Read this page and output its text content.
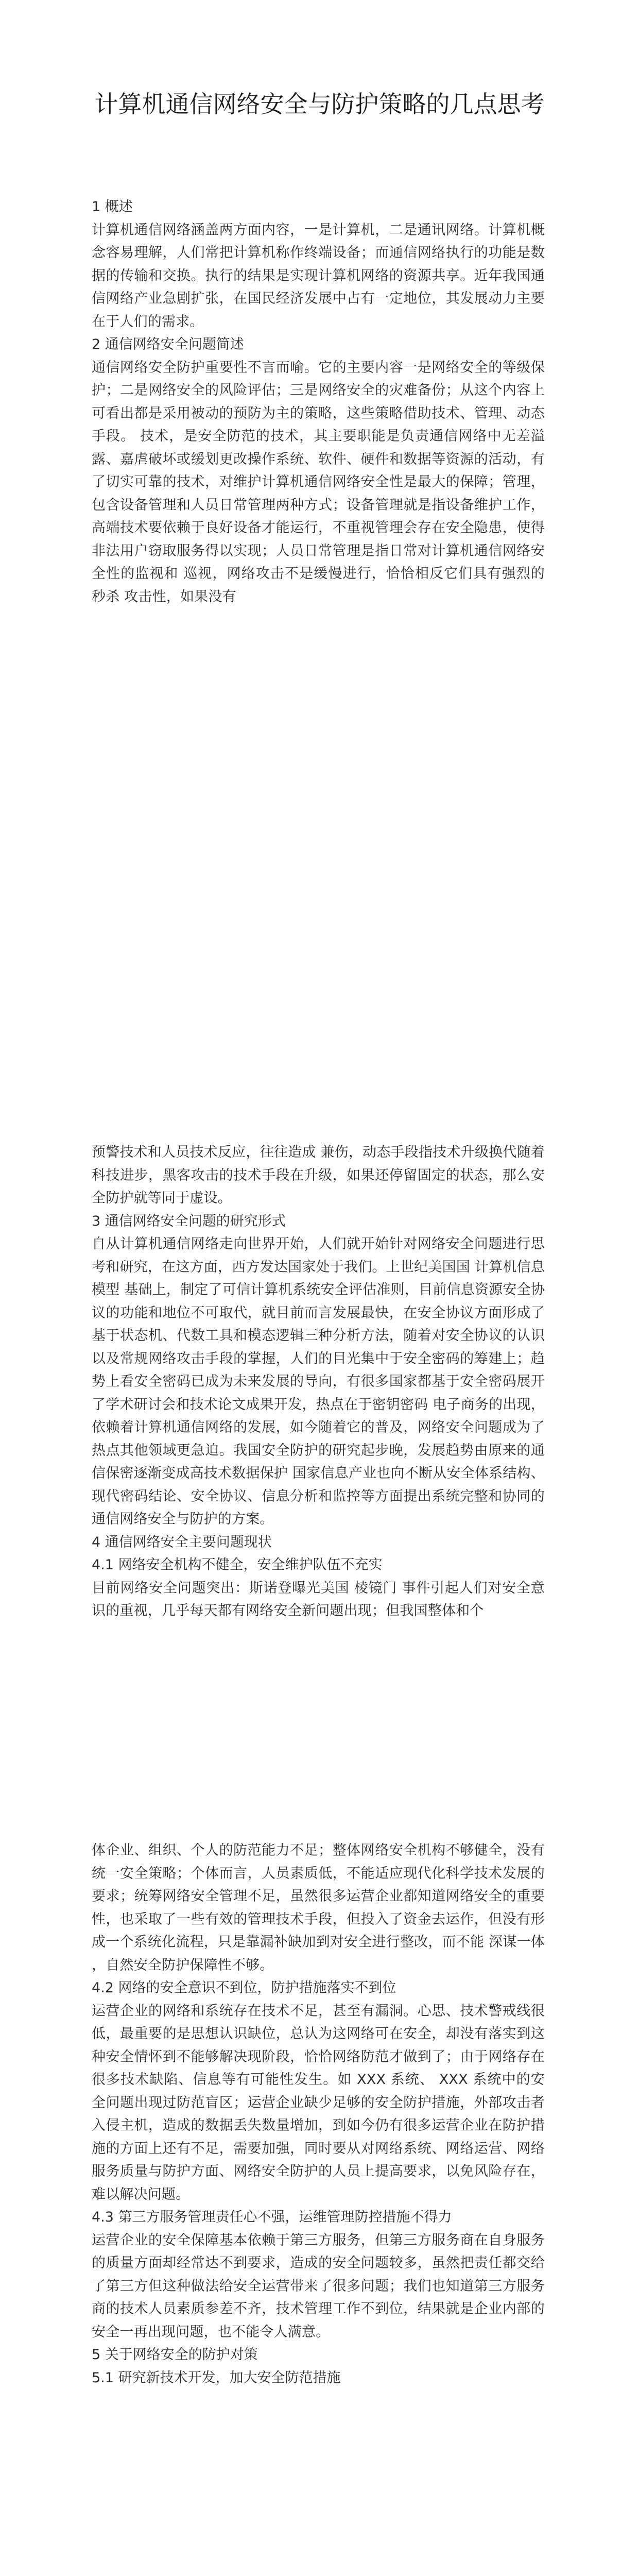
计算机通信网络安全与防护策略的几点思考

1 概述

计算机通信网络涵盖两方面内容，一是计算机，二是通讯网络。计算机概念容易理解，人们常把计算机称作终端设备；而通信网络执行的功能是数据的传输和交换。执行的结果是实现计算机网络的资源共享。近年我国通信网络产业急剧扩张，在国民经济发展中占有一定地位，其发展动力主要在于人们的需求。

2 通信网络安全问题简述

通信网络安全防护重要性不言而喻。它的主要内容一是网络安全的等级保护；二是网络安全的风险评估；三是网络安全的灾难备份；从这个内容上可看出都是采用被动的预防为主的策略，这些策略借助技术、管理、动态手段。 技术，是安全防范的技术，其主要职能是负责通信网络中无差溢露、嘉虐破坏或缓划更改操作系统、软件、硬件和数据等资源的活动，有了切实可靠的技术，对维护计算机通信网络安全性是最大的保障；管理，包含设备管理和人员日常管理两种方式；设备管理就是指设备维护工作，高端技术要依赖于良好设备才能运行，不重视管理会存在安全隐患，使得非法用户窃取服务得以实现；人员日常管理是指日常对计算机通信网络安全性的监视和 巡视，网络攻击不是缓慢进行，恰恰相反它们具有强烈的 秒杀 攻击性，如果没有

预警技术和人员技术反应，往往造成 兼伤，动态手段指技术升级换代随着科技进步，黑客攻击的技术手段在升级，如果还停留固定的状态，那么安全防护就等同于虚设。

3 通信网络安全问题的研究形式

自从计算机通信网络走向世界开始，人们就开始针对网络安全问题进行思考和研究，在这方面，西方发达国家处于我们。上世纪美国国 计算机信息模型 基础上，制定了可信计算机系统安全评估准则，目前信息资源安全协议的功能和地位不可取代，就目前而言发展最快，在安全协议方面形成了基于状态机、代数工具和模态逻辑三种分析方法，随着对安全协议的认识以及常规网络攻击手段的掌握，人们的目光集中于安全密码的筹建上；趋势上看安全密码已成为未来发展的导向，有很多国家都基于安全密码展开了学术研讨会和技术论文成果开发，热点在于密钥密码 电子商务的出现，依赖着计算机通信网络的发展，如今随着它的普及，网络安全问题成为了热点其他领域更急迫。我国安全防护的研究起步晚，发展趋势由原来的通信保密逐渐变成高技术数据保护 国家信息产业也向不断从安全体系结构、现代密码结论、安全协议、信息分析和监控等方面提出系统完整和协同的通信网络安全与防护的方案。

4 通信网络安全主要问题现状

4.1 网络安全机构不健全，安全维护队伍不充实

目前网络安全问题突出：斯诺登曝光美国 棱镜门 事件引起人们对安全意识的重视，几乎每天都有网络安全新问题出现；但我国整体和个

体企业、组织、个人的防范能力不足；整体网络安全机构不够健全，没有统一安全策略；个体而言，人员素质低，不能适应现代化科学技术发展的要求；统筹网络安全管理不足，虽然很多运营企业都知道网络安全的重要性，也采取了一些有效的管理技术手段，但投入了资金去运作，但没有形成一个系统化流程，只是靠漏补缺加到对安全进行整改，而不能 深谋一体 ，自然安全防护保障性不够。

4.2 网络的安全意识不到位，防护措施落实不到位

运营企业的网络和系统存在技术不足，甚至有漏洞。心思、技术警戒线很低，最重要的是思想认识缺位，总认为这网络可在安全，却没有落实到这种安全情怀到不能够解决现阶段，恰恰网络防范才做到了；由于网络存在很多技术缺陷、信息等有可能性发生。如 XXX 系统、 XXX 系统中的安全问题出现过防范盲区；运营企业缺少足够的安全防护措施，外部攻击者入侵主机，造成的数据丢失数量增加，到如今仍有很多运营企业在防护措施的方面上还有不足，需要加强，同时要从对网络系统、网络运营、网络服务质量与防护方面、网络安全防护的人员上提高要求，以免风险存在，难以解决问题。

4.3 第三方服务管理责任心不强，运维管理防控措施不得力

运营企业的安全保障基本依赖于第三方服务，但第三方服务商在自身服务的质量方面却经常达不到要求，造成的安全问题较多，虽然把责任都交给了第三方但这种做法给安全运营带来了很多问题；我们也知道第三方服务商的技术人员素质参差不齐，技术管理工作不到位，结果就是企业内部的安全一再出现问题，也不能令人满意。

5 关于网络安全的防护对策

5.1 研究新技术开发，加大安全防范措施
